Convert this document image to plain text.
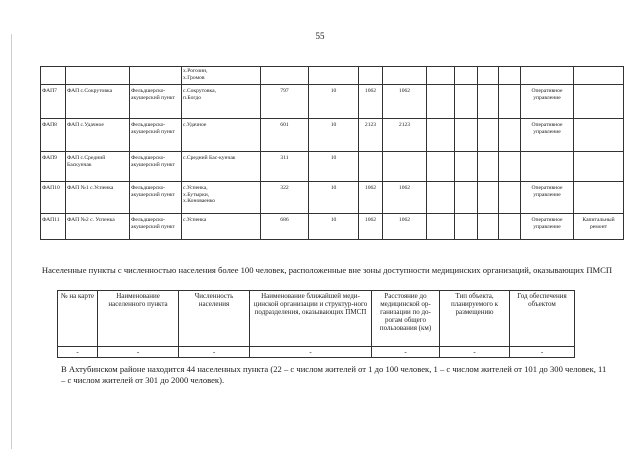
55
			х.Рогозин,
х.Громов										
ФАП7	ФАП с.Сокрутовка	Фельдшерско-акушерский пункт	с.Сокрутовка,
п.Богдо	797	10	1062	1062					Оперативное управление	
ФАП8	ФАП с.Удачное	Фельдшерско-акушерский пункт	с.Удачное	601	10	2123	2123					Оперативное управление	
ФАП9	ФАП с.Средний Баскунчак	Фельдшерско-акушерский пункт	с.Средний Бас-кунчак	311	10								
ФАП10	ФАП №1 с.Успенка	Фельдшерско-акушерский пункт	с.Успенка,
х.Бутырки,
х.Коноваенко	322	10	1062	1062					Оперативное управление	
ФАП11	ФАП №2 с. Успенка	Фельдшерско-акушерский пункт	с.Успенка	686	10	1062	1062					Оперативное управление	Капитальный ремонт
Населенные пункты с численностью населения более 100 человек, расположенные вне зоны доступности медицинских организаций, оказывающих ПМСП
№ на карте	Наименование населенного пункта	Численность населения	Наименование ближайшей меди-цинской организации и структур-ного подразделения, оказывающих ПМСП	Расстояние до медицинской ор-ганизации по до-рогам общего пользования (км)	Тип объекта, планируемого к размещению	Год обеспечения объектом
-	-	-	-	-	-	-
В Ахтубинском районе находится 44 населенных пункта (22 – с числом жителей от 1 до 100 человек, 1 – с числом жителей от 101 до 300 человек, 11 – с числом жителей от 301 до 2000 человек).
